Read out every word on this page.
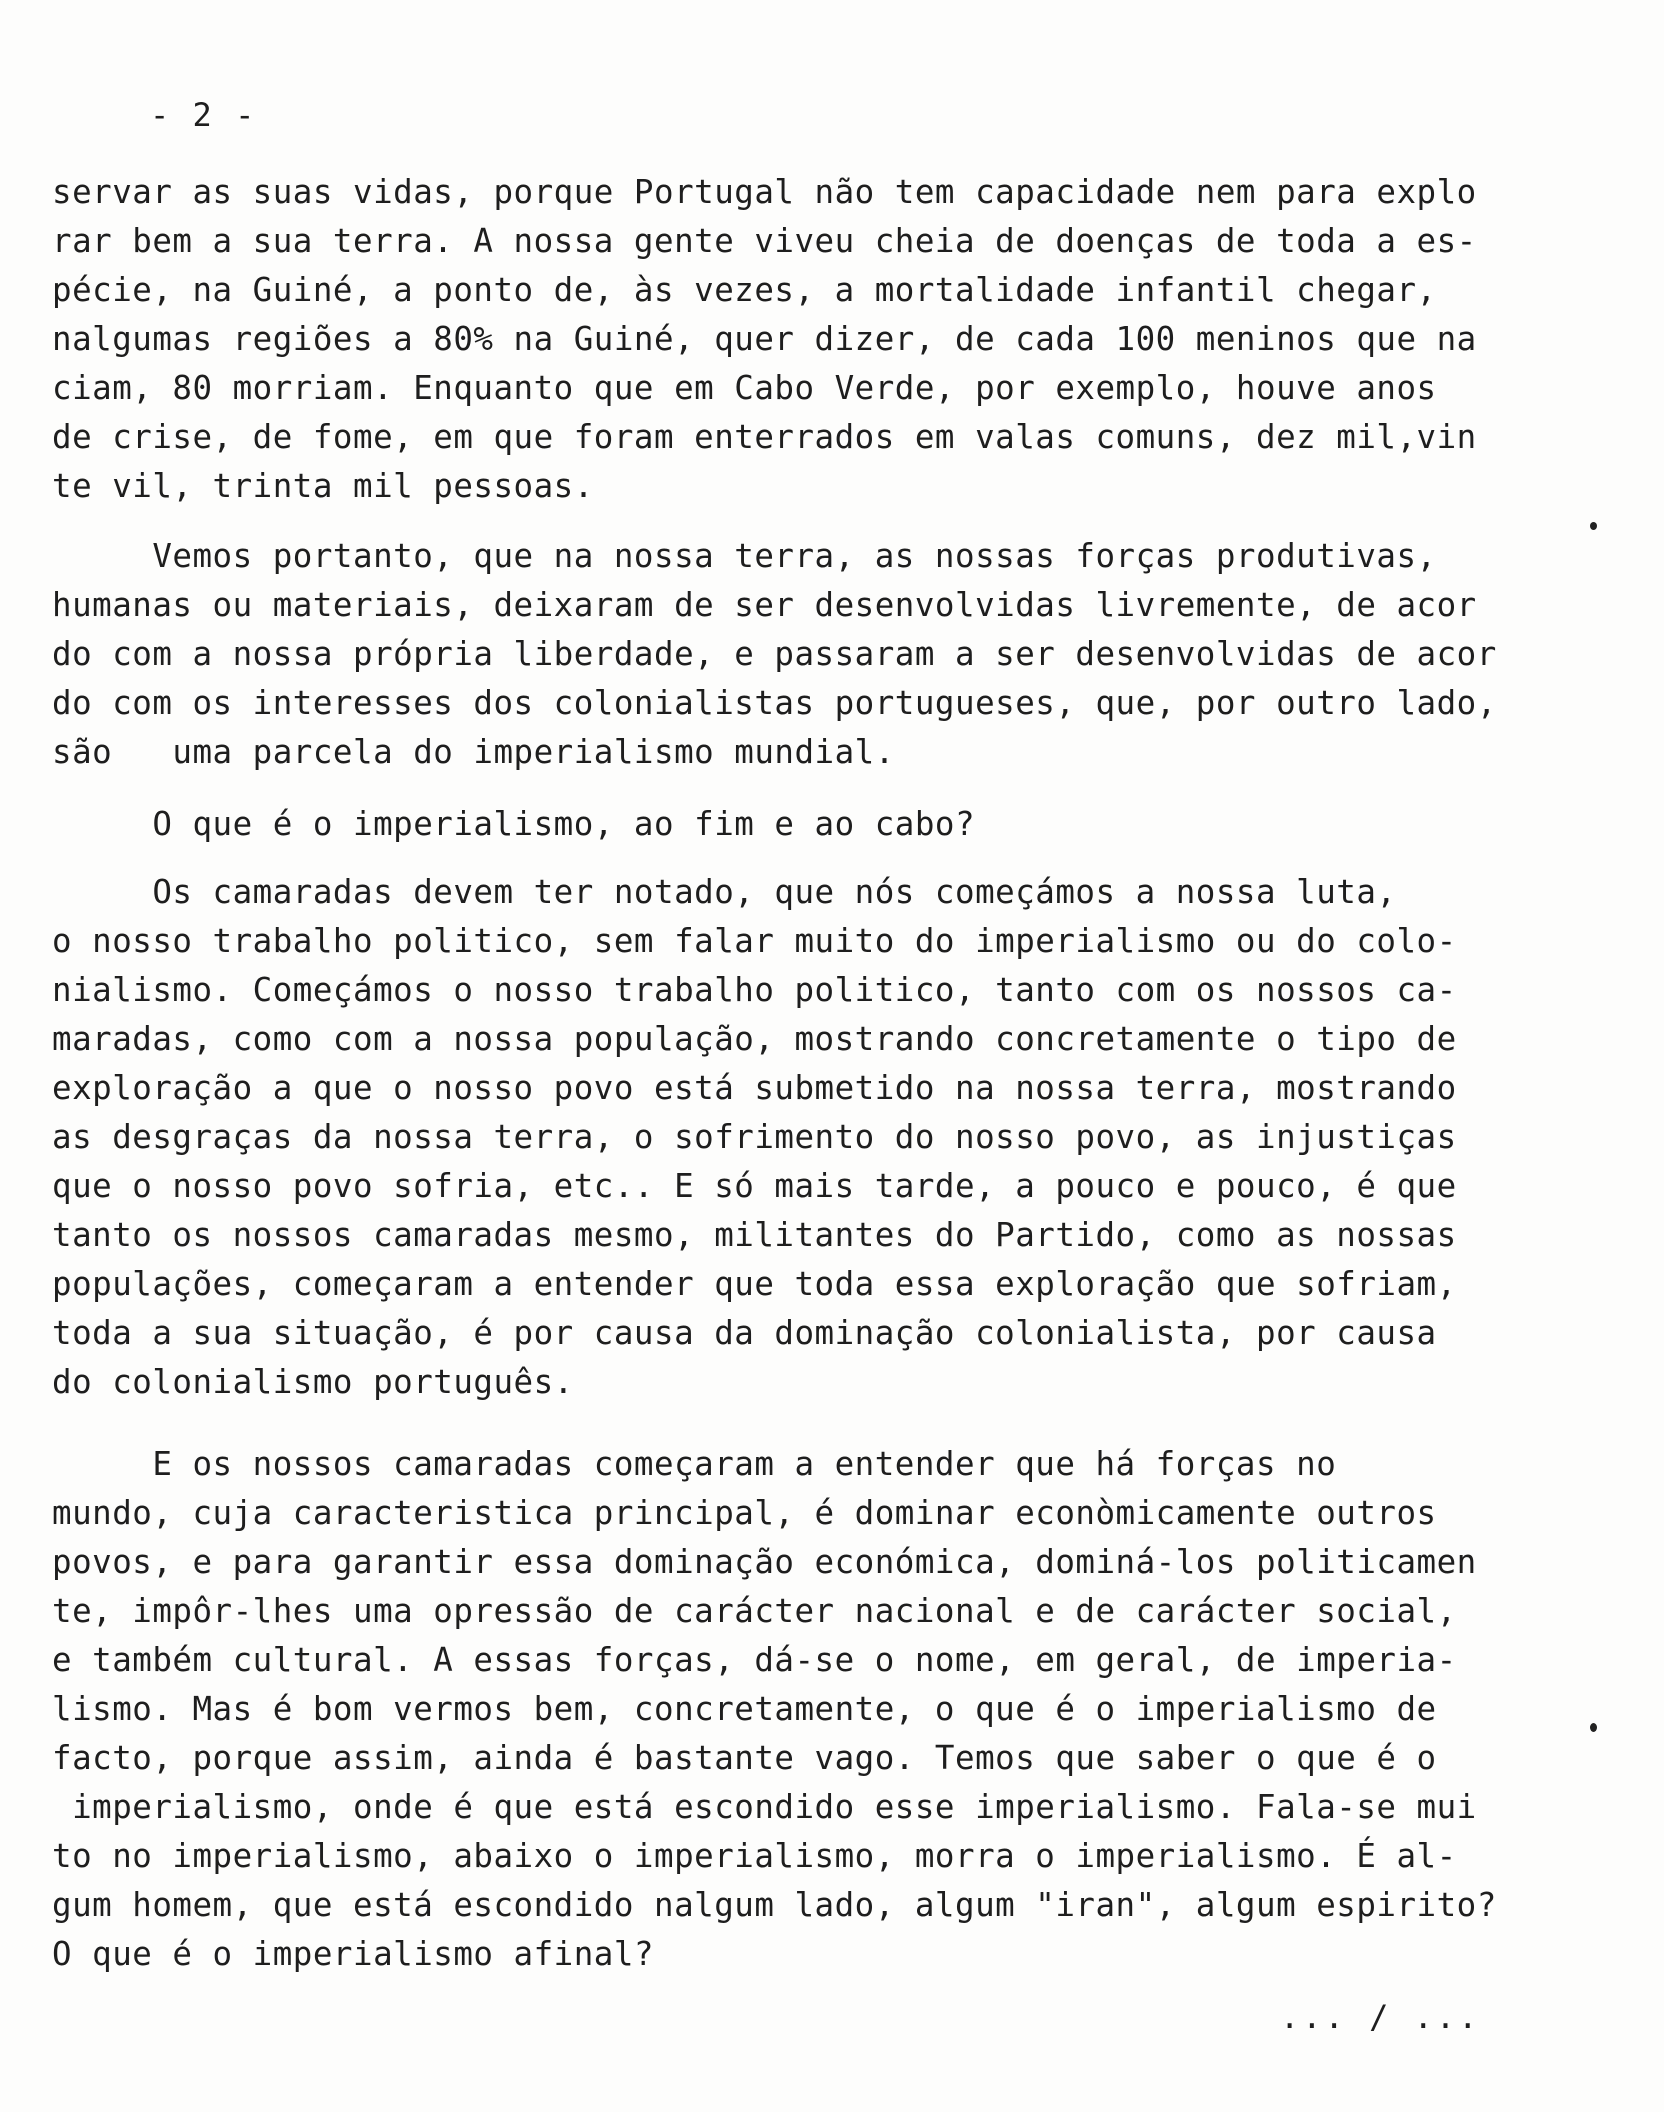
- 2 -
servar as suas vidas, porque Portugal não tem capacidade nem para explo
rar bem a sua terra. A nossa gente viveu cheia de doenças de toda a es-
pécie, na Guiné, a ponto de, às vezes, a mortalidade infantil chegar,
nalgumas regiões a 80% na Guiné, quer dizer, de cada 100 meninos que na
ciam, 80 morriam. Enquanto que em Cabo Verde, por exemplo, houve anos
de crise, de fome, em que foram enterrados em valas comuns, dez mil,vin
te vil, trinta mil pessoas.
Vemos portanto, que na nossa terra, as nossas forças produtivas,
humanas ou materiais, deixaram de ser desenvolvidas livremente, de acor
do com a nossa própria liberdade, e passaram a ser desenvolvidas de acor
do com os interesses dos colonialistas portugueses, que, por outro lado,
são   uma parcela do imperialismo mundial.
O que é o imperialismo, ao fim e ao cabo?
Os camaradas devem ter notado, que nós começámos a nossa luta,
o nosso trabalho politico, sem falar muito do imperialismo ou do colo-
nialismo. Começámos o nosso trabalho politico, tanto com os nossos ca-
maradas, como com a nossa população, mostrando concretamente o tipo de
exploração a que o nosso povo está submetido na nossa terra, mostrando
as desgraças da nossa terra, o sofrimento do nosso povo, as injustiças
que o nosso povo sofria, etc.. E só mais tarde, a pouco e pouco, é que
tanto os nossos camaradas mesmo, militantes do Partido, como as nossas
populações, começaram a entender que toda essa exploração que sofriam,
toda a sua situação, é por causa da dominação colonialista, por causa
do colonialismo português.
E os nossos camaradas começaram a entender que há forças no
mundo, cuja caracteristica principal, é dominar econòmicamente outros
povos, e para garantir essa dominação económica, dominá-los politicamen
te, impôr-lhes uma opressão de carácter nacional e de carácter social,
e também cultural. A essas forças, dá-se o nome, em geral, de imperia-
lismo. Mas é bom vermos bem, concretamente, o que é o imperialismo de
facto, porque assim, ainda é bastante vago. Temos que saber o que é o
imperialismo, onde é que está escondido esse imperialismo. Fala-se mui
to no imperialismo, abaixo o imperialismo, morra o imperialismo. É al-
gum homem, que está escondido nalgum lado, algum "iran", algum espirito?
O que é o imperialismo afinal?
... / ...
